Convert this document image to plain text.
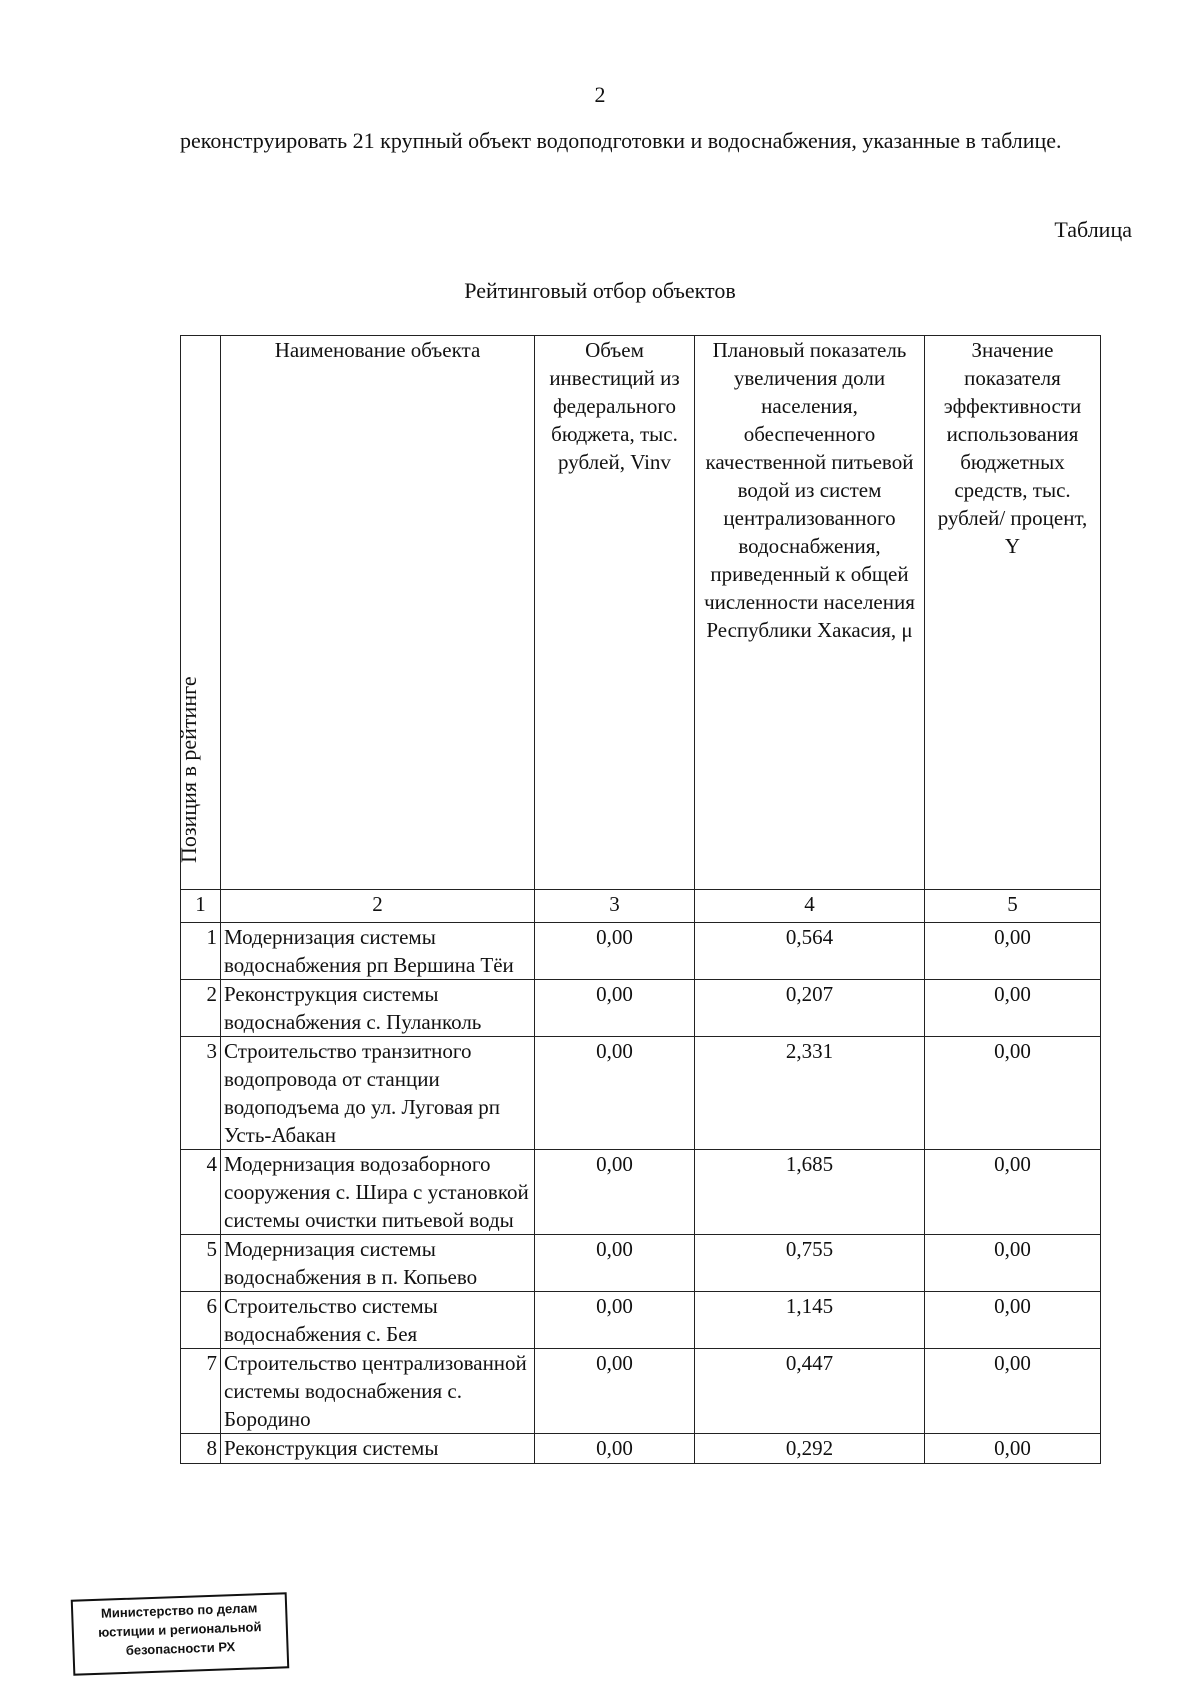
2
реконструировать 21 крупный объект водоподготовки и водоснабжения, указанные в таблице.
Таблица
Рейтинговый отбор объектов
Позиция в рейтинге	Наименование объекта	Объем инвестиций из федерального бюджета, тыс. рублей, Vinv	Плановый показатель увеличения доли населения, обеспеченного качественной питьевой водой из систем централизованного водоснабжения, приведенный к общей численности населения Республики Хакасия, μ	Значение показателя эффективности использования бюджетных средств, тыс. рублей/ процент, Y
1	2	3	4	5
1	Модернизация системы водоснабжения рп Вершина Тёи	0,00	0,564	0,00
2	Реконструкция системы водоснабжения с. Пуланколь	0,00	0,207	0,00
3	Строительство транзитного водопровода от станции водоподъема до ул. Луговая рп Усть-Абакан	0,00	2,331	0,00
4	Модернизация водозаборного сооружения с. Шира с установкой системы очистки питьевой воды	0,00	1,685	0,00
5	Модернизация системы водоснабжения в п. Копьево	0,00	0,755	0,00
6	Строительство системы водоснабжения с. Бея	0,00	1,145	0,00
7	Строительство централизованной системы водоснабжения с. Бородино	0,00	0,447	0,00
8	Реконструкция системы	0,00	0,292	0,00
Министерство по делам
юстиции и региональной
безопасности РХ
